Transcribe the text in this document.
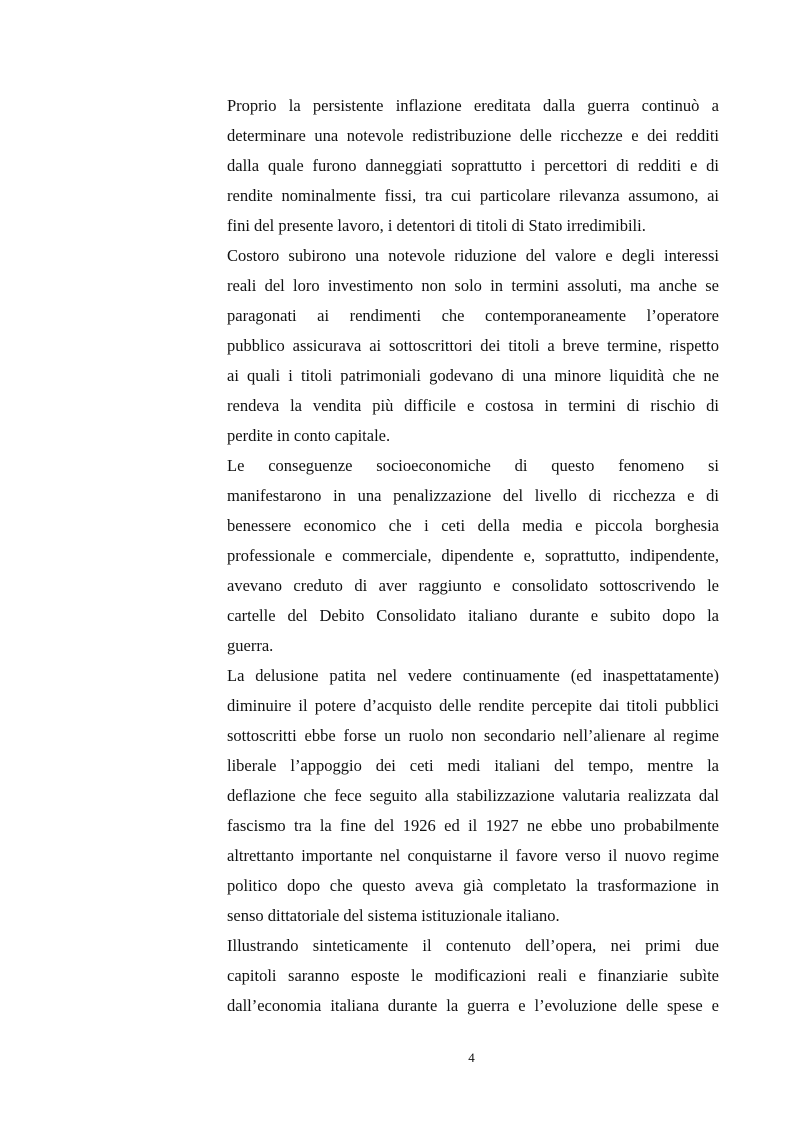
Proprio la persistente inflazione ereditata dalla guerra continuò a
determinare una notevole redistribuzione delle ricchezze e dei redditi
dalla quale furono danneggiati soprattutto i percettori di redditi e di
rendite nominalmente fissi, tra cui particolare rilevanza assumono, ai
fini del presente lavoro, i detentori di titoli di Stato irredimibili.
Costoro subirono una notevole riduzione del valore e degli interessi
reali del loro investimento non solo in termini assoluti, ma anche se
paragonati ai rendimenti che contemporaneamente l’operatore
pubblico assicurava ai sottoscrittori dei titoli a breve termine, rispetto
ai quali i titoli patrimoniali godevano di una minore liquidità che ne
rendeva la vendita più difficile e costosa in termini di rischio di
perdite in conto capitale.
Le conseguenze socioeconomiche di questo fenomeno si
manifestarono in una penalizzazione del livello di ricchezza e di
benessere economico che i ceti della media e piccola borghesia
professionale e commerciale, dipendente e, soprattutto, indipendente,
avevano creduto di aver raggiunto e consolidato sottoscrivendo le
cartelle del Debito Consolidato italiano durante e subito dopo la
guerra.
La delusione patita nel vedere continuamente (ed inaspettatamente)
diminuire il potere d’acquisto delle rendite percepite dai titoli pubblici
sottoscritti ebbe forse un ruolo non secondario nell’alienare al regime
liberale l’appoggio dei ceti medi italiani del tempo, mentre la
deflazione che fece seguito alla stabilizzazione valutaria realizzata dal
fascismo tra la fine del 1926 ed il 1927 ne ebbe uno probabilmente
altrettanto importante nel conquistarne il favore verso il nuovo regime
politico dopo che questo aveva già completato la trasformazione in
senso dittatoriale del sistema istituzionale italiano.
Illustrando sinteticamente il contenuto dell’opera, nei primi due
capitoli saranno esposte le modificazioni reali e finanziarie subìte
dall’economia italiana durante la guerra e l’evoluzione delle spese e
4
